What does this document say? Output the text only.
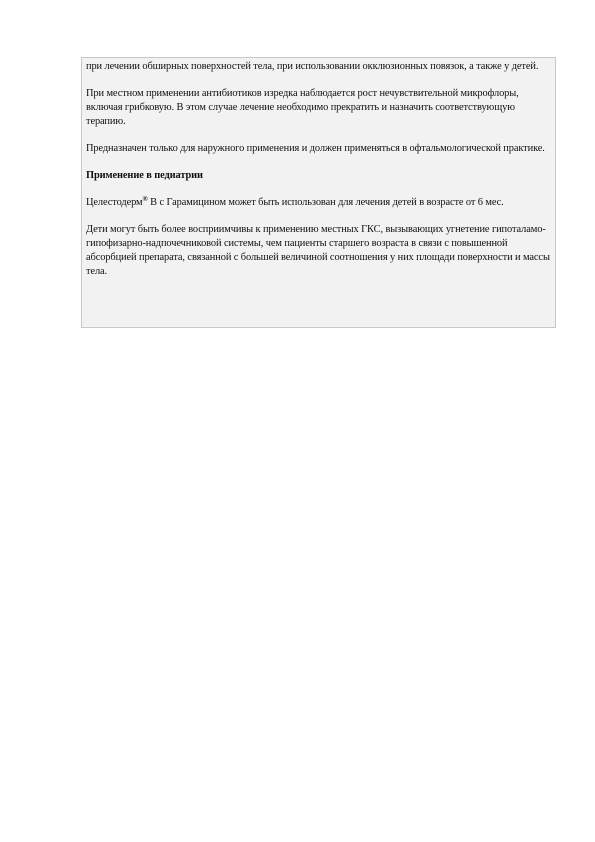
при лечении обширных поверхностей тела, при использовании окклюзионных повязок, а также у детей.

При местном применении антибиотиков изредка наблюдается рост нечувствительной микрофлоры, включая грибковую. В этом случае лечение необходимо прекратить и назначить соответствующую терапию.

Предназначен только для наружного применения и должен применяться в офтальмологической практике.

Применение в педиатрии

Целестодерм® В с Гарамицином может быть использован для лечения детей в возрасте от 6 мес.

Дети могут быть более восприимчивы к применению местных ГКС, вызывающих угнетение гипоталамо-гипофизарно-надпочечниковой системы, чем пациенты старшего возраста в связи с повышенной абсорбцией препарата, связанной с большей величиной соотношения у них площади поверхности и массы тела.
